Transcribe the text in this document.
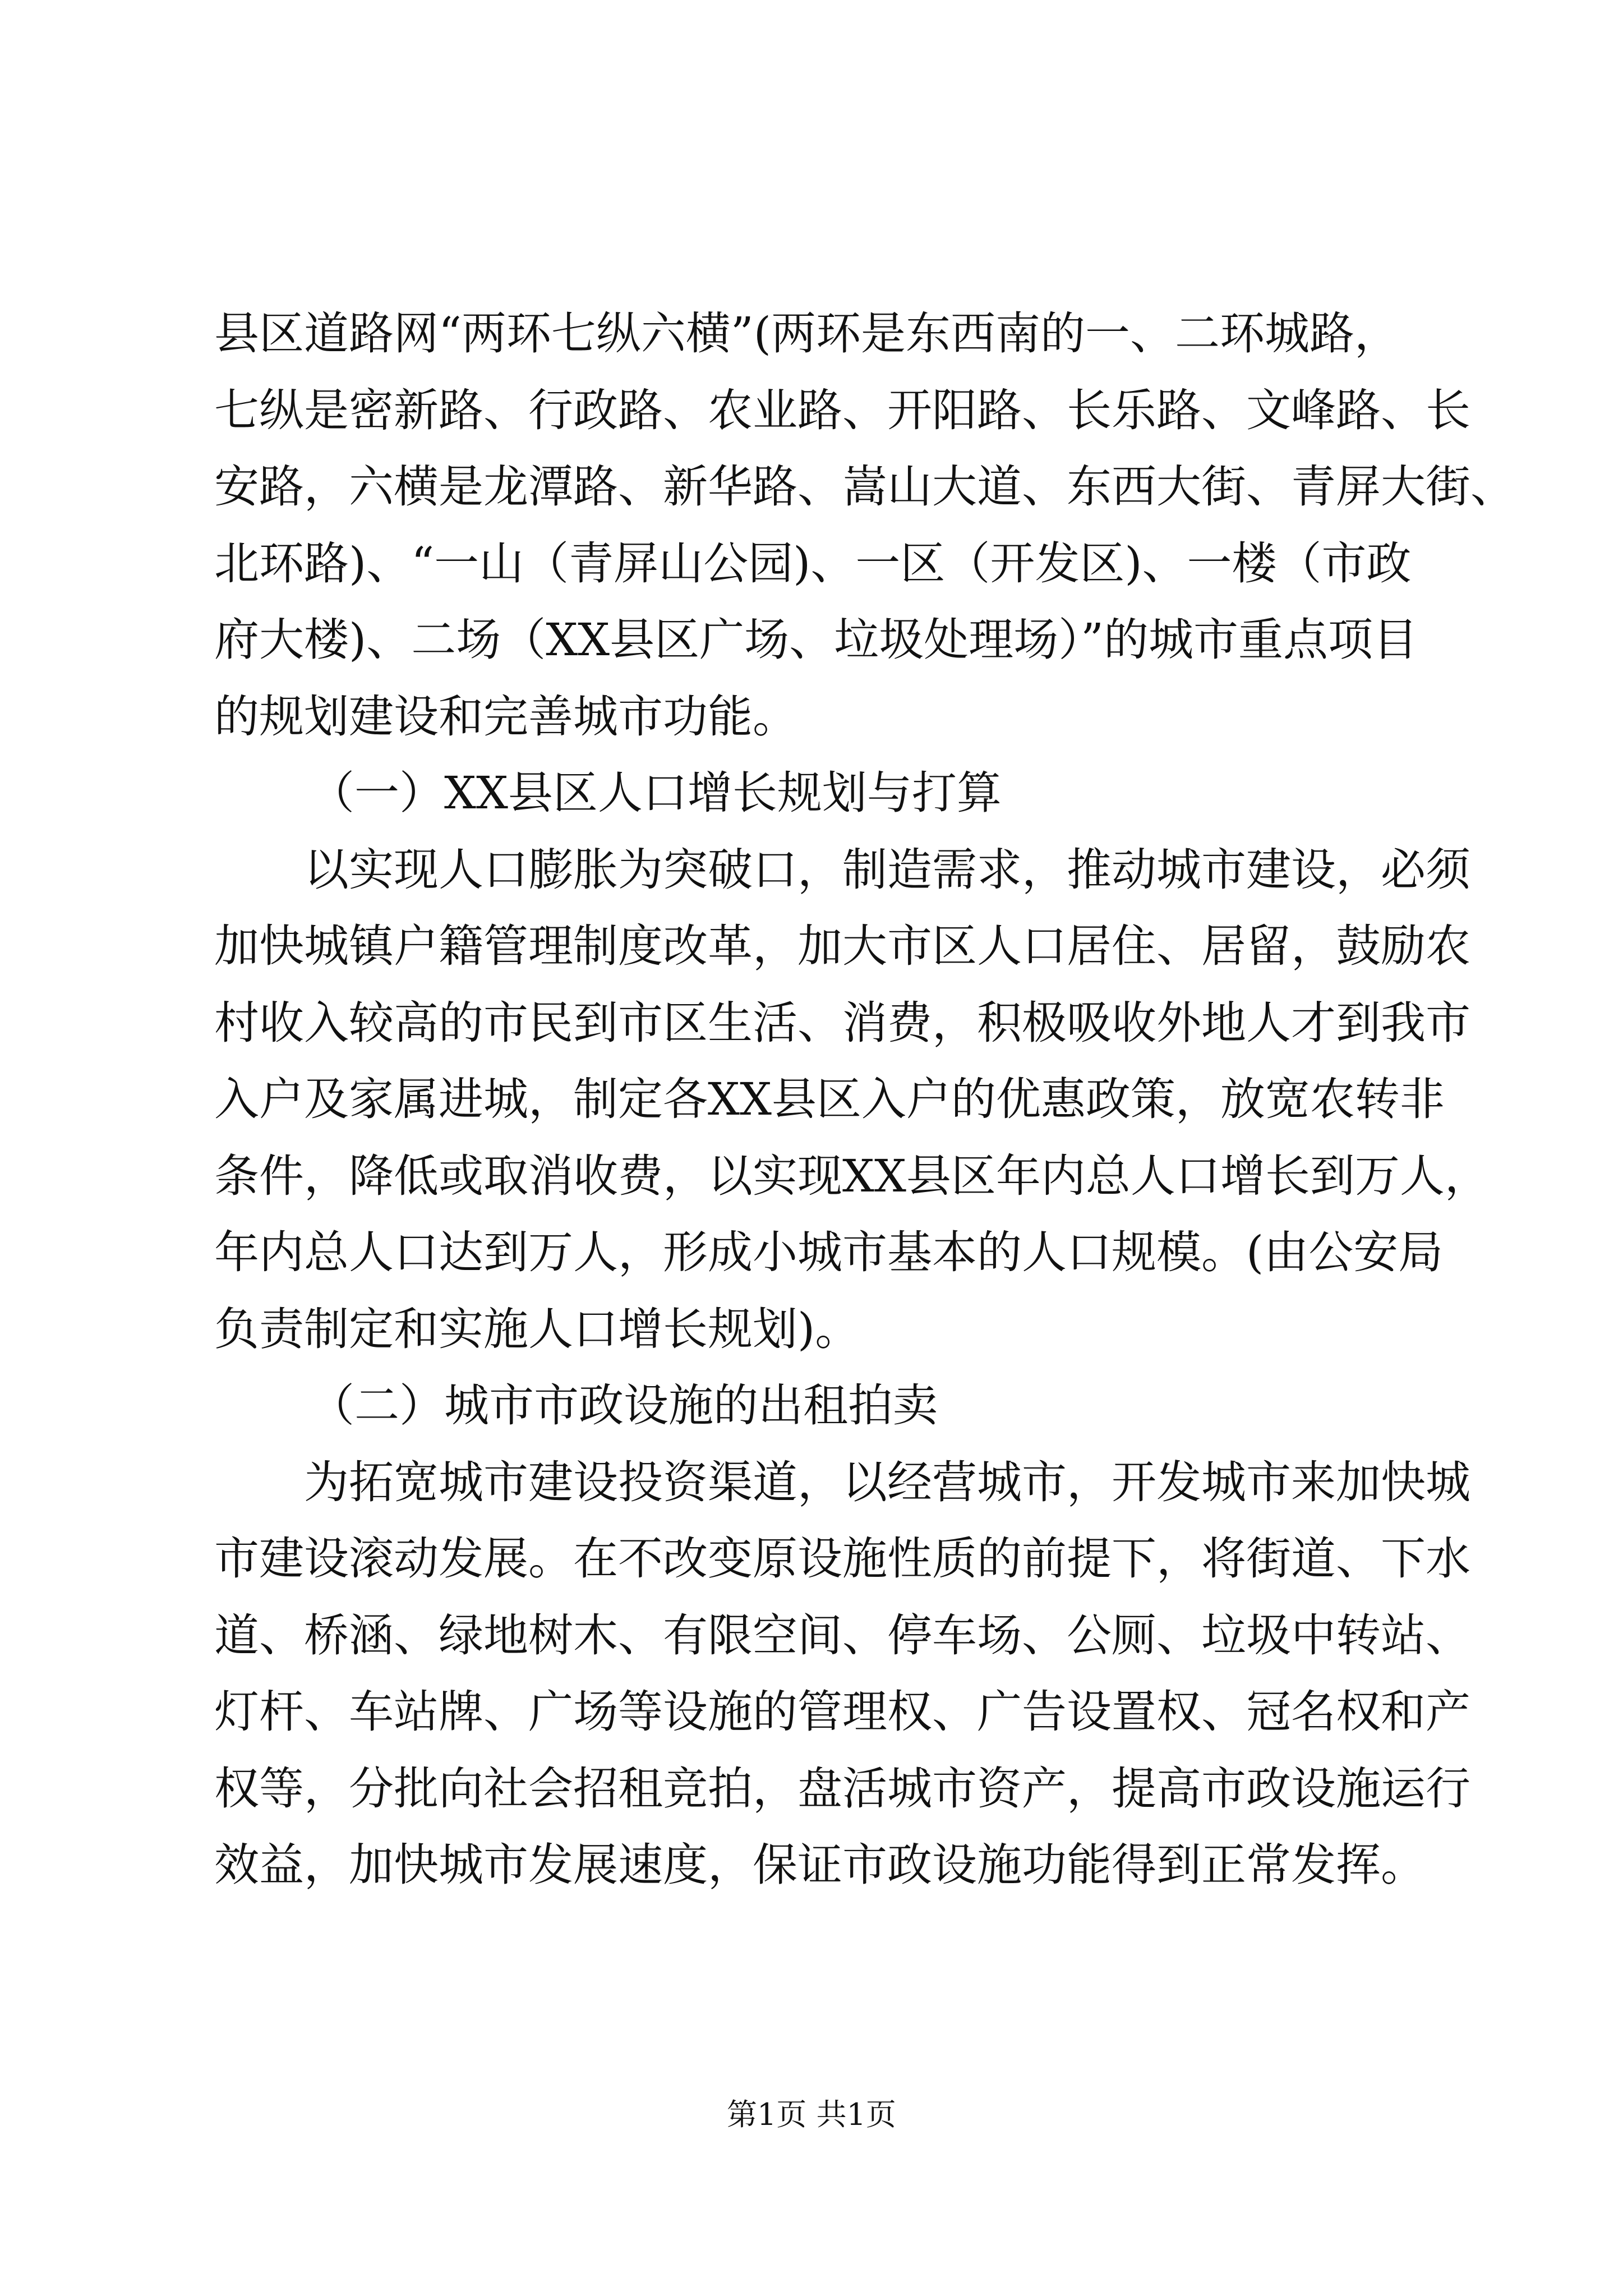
县区道路网“两环七纵六横”(两环是东西南的一、二环城路，
七纵是密新路、行政路、农业路、开阳路、长乐路、文峰路、长
安路，六横是龙潭路、新华路、嵩山大道、东西大街、青屏大街、
北环路)、“一山（青屏山公园)、一区（开发区)、一楼（市政
府大楼)、二场（XX县区广场、垃圾处理场）”的城市重点项目
的规划建设和完善城市功能。
（一）XX县区人口增长规划与打算
以实现人口膨胀为突破口，制造需求，推动城市建设，必须
加快城镇户籍管理制度改革，加大市区人口居住、居留，鼓励农
村收入较高的市民到市区生活、消费，积极吸收外地人才到我市
入户及家属进城，制定各XX县区入户的优惠政策，放宽农转非
条件，降低或取消收费，以实现XX县区年内总人口增长到万人，
年内总人口达到万人，形成小城市基本的人口规模。(由公安局
负责制定和实施人口增长规划)。
（二）城市市政设施的出租拍卖
为拓宽城市建设投资渠道，以经营城市，开发城市来加快城
市建设滚动发展。在不改变原设施性质的前提下，将街道、下水
道、桥涵、绿地树木、有限空间、停车场、公厕、垃圾中转站、
灯杆、车站牌、广场等设施的管理权、广告设置权、冠名权和产
权等，分批向社会招租竞拍，盘活城市资产，提高市政设施运行
效益，加快城市发展速度，保证市政设施功能得到正常发挥。
第1页 共1页
